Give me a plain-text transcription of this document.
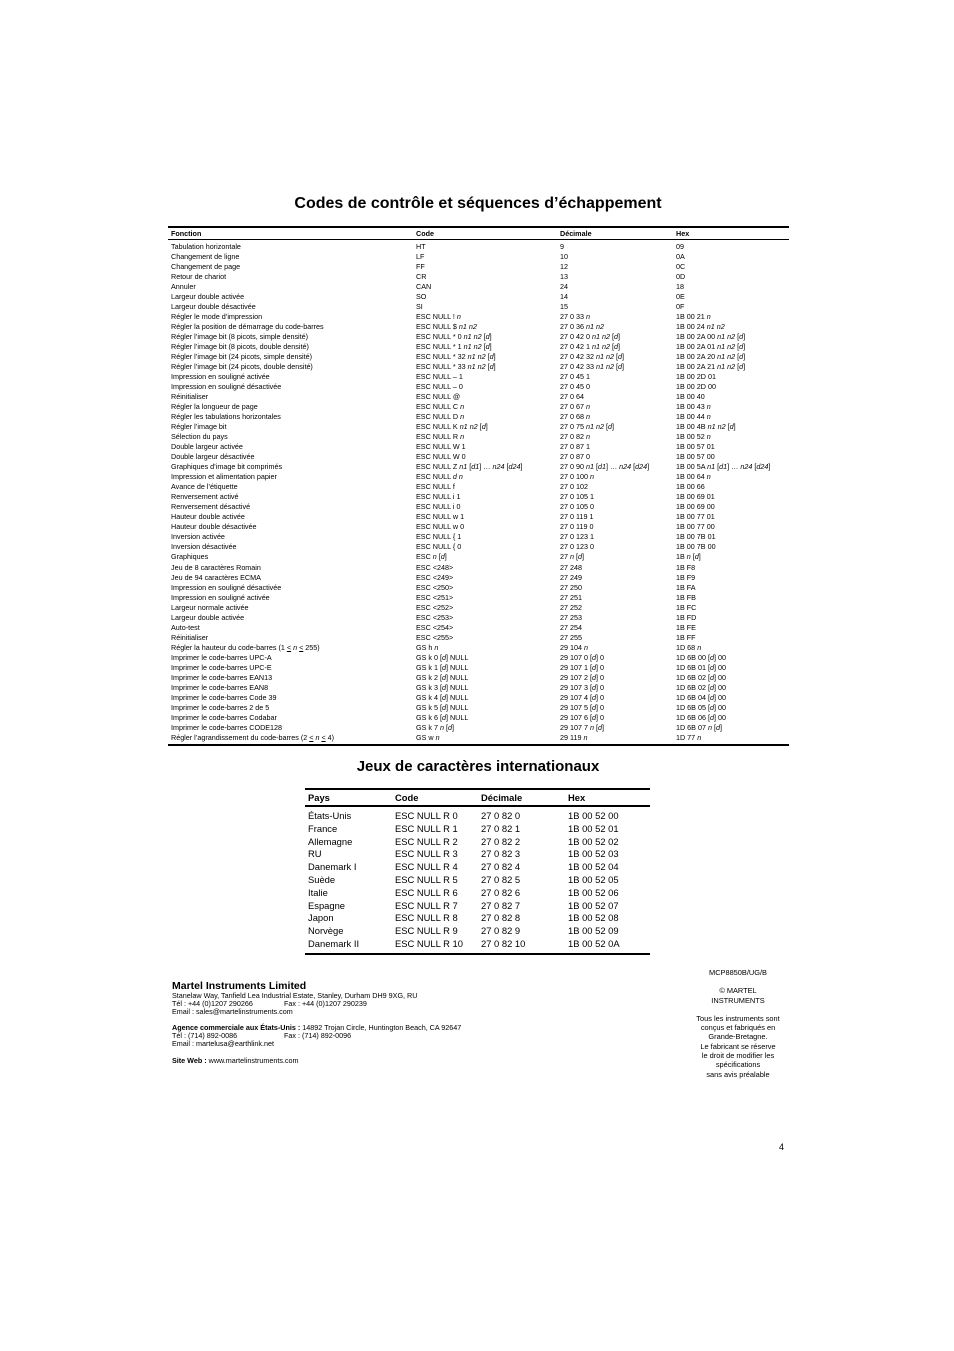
Codes de contrôle et séquences d’échappement
Fonction	Code	Décimale	Hex
Tabulation horizontale	HT	9	09
Changement de ligne	LF	10	0A
Changement de page	FF	12	0C
Retour de chariot	CR	13	0D
Annuler	CAN	24	18
Largeur double activée	SO	14	0E
Largeur double désactivée	SI	15	0F
Régler le mode d’impression	ESC NULL ! n	27 0 33 n	1B 00 21 n
Régler la position de démarrage du code-barres	ESC NULL $ n1 n2	27 0 36 n1 n2	1B 00 24 n1 n2
Régler l’image bit (8 picots, simple densité)	ESC NULL * 0 n1 n2 [d]	27 0 42 0 n1 n2 [d]	1B 00 2A 00 n1 n2 [d]
Régler l’image bit (8 picots, double densité)	ESC NULL * 1 n1 n2 [d]	27 0 42 1 n1 n2 [d]	1B 00 2A 01 n1 n2 [d]
Régler l’image bit (24 picots, simple densité)	ESC NULL * 32 n1 n2 [d]	27 0 42 32 n1 n2 [d]	1B 00 2A 20 n1 n2 [d]
Régler l’image bit (24 picots, double densité)	ESC NULL * 33 n1 n2 [d]	27 0 42 33 n1 n2 [d]	1B 00 2A 21 n1 n2 [d]
Impression en souligné activée	ESC NULL – 1	27 0 45 1	1B 00 2D 01
Impression en souligné désactivée	ESC NULL – 0	27 0 45 0	1B 00 2D 00
Réinitialiser	ESC NULL @	27 0 64	1B 00 40
Régler la longueur de page	ESC NULL C n	27 0 67 n	1B 00 43 n
Régler les tabulations horizontales	ESC NULL D n	27 0 68 n	1B 00 44 n
Régler l’image bit	ESC NULL K n1 n2 [d]	27 0 75 n1 n2 [d]	1B 00 4B n1 n2 [d]
Sélection du pays	ESC NULL R n	27 0 82 n	1B 00 52 n
Double largeur activée	ESC NULL W 1	27 0 87 1	1B 00 57 01
Double largeur désactivée	ESC NULL W 0	27 0 87 0	1B 00 57 00
Graphiques d’image bit comprimés	ESC NULL Z n1 [d1] … n24 [d24]	27 0 90 n1 [d1] … n24 [d24]	1B 00 5A n1 [d1] … n24 [d24]
Impression et alimentation papier	ESC NULL d n	27 0 100 n	1B 00 64 n
Avance de l’étiquette	ESC NULL f	27 0 102	1B 00 66
Renversement activé	ESC NULL i 1	27 0 105 1	1B 00 69 01
Renversement désactivé	ESC NULL i 0	27 0 105 0	1B 00 69 00
Hauteur double activée	ESC NULL w 1	27 0 119 1	1B 00 77 01
Hauteur double désactivée	ESC NULL w 0	27 0 119 0	1B 00 77 00
Inversion activée	ESC NULL { 1	27 0 123 1	1B 00 7B 01
Inversion désactivée	ESC NULL { 0	27 0 123 0	1B 00 7B 00
Graphiques	ESC n [d]	27 n [d]	1B n [d]
Jeu de 8 caractères Romain	ESC <248>	27 248	1B F8
Jeu de 94 caractères ECMA	ESC <249>	27 249	1B F9
Impression en souligné désactivée	ESC <250>	27 250	1B FA
Impression en souligné activée	ESC <251>	27 251	1B FB
Largeur normale activée	ESC <252>	27 252	1B FC
Largeur double activée	ESC <253>	27 253	1B FD
Auto-test	ESC <254>	27 254	1B FE
Réinitialiser	ESC <255>	27 255	1B FF
Régler la hauteur du code-barres (1 < n < 255)	GS h n	29 104 n	1D 68 n
Imprimer le code-barres UPC-A	GS k 0 [d] NULL	29 107 0 [d] 0	1D 6B 00 [d] 00
Imprimer le code-barres UPC-E	GS k 1 [d] NULL	29 107 1 [d] 0	1D 6B 01 [d] 00
Imprimer le code-barres EAN13	GS k 2 [d] NULL	29 107 2 [d] 0	1D 6B 02 [d] 00
Imprimer le code-barres EAN8	GS k 3 [d] NULL	29 107 3 [d] 0	1D 6B 02 [d] 00
Imprimer le code-barres Code 39	GS k 4 [d] NULL	29 107 4 [d] 0	1D 6B 04 [d] 00
Imprimer le code-barres 2 de 5	GS k 5 [d] NULL	29 107 5 [d] 0	1D 6B 05 [d] 00
Imprimer le code-barres Codabar	GS k 6 [d] NULL	29 107 6 [d] 0	1D 6B 06 [d] 00
Imprimer le code-barres CODE128	GS k 7 n [d]	29 107 7 n [d]	1D 6B 07 n [d]
Régler l’agrandissement du code-barres (2 < n < 4)	GS w n	29 119 n	1D 77 n
Jeux de caractères internationaux
Pays	Code	Décimale	Hex
États-Unis	ESC NULL R 0	27 0 82 0	1B 00 52 00
France	ESC NULL R 1	27 0 82 1	1B 00 52 01
Allemagne	ESC NULL R 2	27 0 82 2	1B 00 52 02
RU	ESC NULL R 3	27 0 82 3	1B 00 52 03
Danemark I	ESC NULL R 4	27 0 82 4	1B 00 52 04
Suède	ESC NULL R 5	27 0 82 5	1B 00 52 05
Italie	ESC NULL R 6	27 0 82 6	1B 00 52 06
Espagne	ESC NULL R 7	27 0 82 7	1B 00 52 07
Japon	ESC NULL R 8	27 0 82 8	1B 00 52 08
Norvège	ESC NULL R 9	27 0 82 9	1B 00 52 09
Danemark II	ESC NULL R 10	27 0 82 10	1B 00 52 0A
Martel Instruments Limited
Stanelaw Way, Tanfield Lea Industrial Estate, Stanley, Durham DH9 9XG, RU
Tél : +44 (0)1207 290266	Fax : +44 (0)1207 290239
Email : sales@martelinstruments.com
Agence commerciale aux États-Unis : 14892 Trojan Circle, Huntington Beach, CA 92647
Tél : (714) 892-0086	Fax : (714) 892-0096
Email : martelusa@earthlink.net
Site Web : www.martelinstruments.com
MCP8850B/UG/B
© MARTEL
INSTRUMENTS
Tous les instruments sont
conçus et fabriqués en
Grande-Bretagne.
Le fabricant se réserve
le droit de modifier les
spécifications
sans avis préalable
4
